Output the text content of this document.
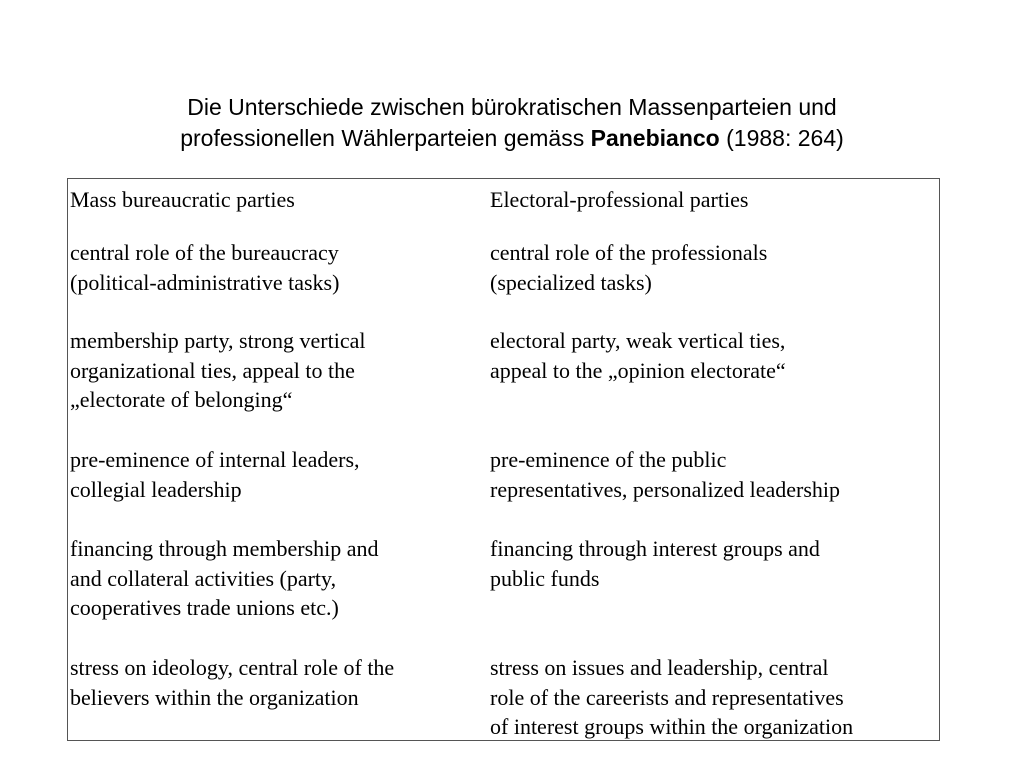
Die Unterschiede zwischen bürokratischen Massenparteien und
professionellen Wählerparteien gemäss Panebianco (1988: 264)
Mass bureaucratic parties	Electoral-professional parties
central role of the bureaucracy
(political-administrative tasks)
central role of the professionals
(specialized tasks)
membership party, strong vertical
organizational ties, appeal to the
„electorate of belonging“
electoral party, weak vertical ties,
appeal to the „opinion electorate“
pre-eminence of internal leaders,
collegial leadership
pre-eminence of the public
representatives, personalized leadership
financing through membership and
and collateral activities (party,
cooperatives trade unions etc.)
financing through interest groups and
public funds
stress on ideology, central role of the
believers within the organization
stress on issues and leadership, central
role of the careerists and representatives
of interest groups within the organization
